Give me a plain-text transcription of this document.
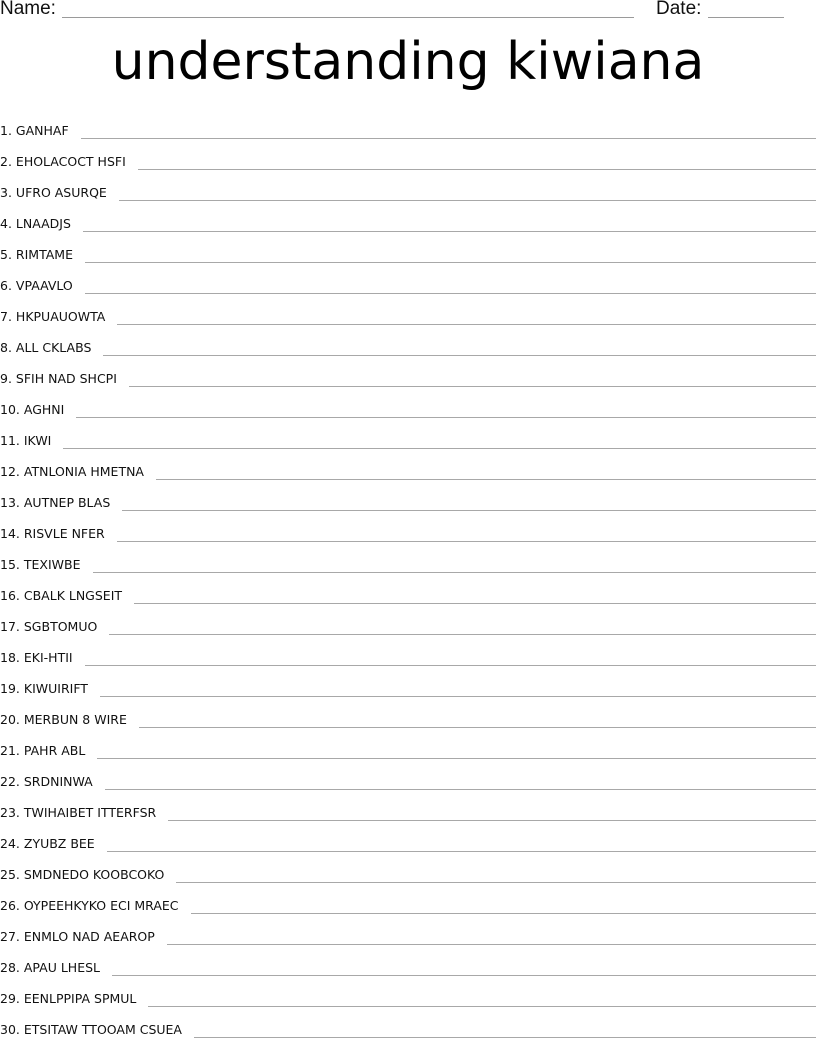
Name:	Date:
understanding kiwiana
1. GANHAF
2. EHOLACOCT HSFI
3. UFRO ASURQE
4. LNAADJS
5. RIMTAME
6. VPAAVLO
7. HKPUAUOWTA
8. ALL CKLABS
9. SFIH NAD SHCPI
10. AGHNI
11. IKWI
12. ATNLONIA HMETNA
13. AUTNEP BLAS
14. RISVLE NFER
15. TEXIWBE
16. CBALK LNGSEIT
17. SGBTOMUO
18. EKI-HTII
19. KIWUIRIFT
20. MERBUN 8 WIRE
21. PAHR ABL
22. SRDNINWA
23. TWIHAIBET ITTERFSR
24. ZYUBZ BEE
25. SMDNEDO KOOBCOKO
26. OYPEEHKYKO ECI MRAEC
27. ENMLO NAD AEAROP
28. APAU LHESL
29. EENLPPIPA SPMUL
30. ETSITAW TTOOAM CSUEA
